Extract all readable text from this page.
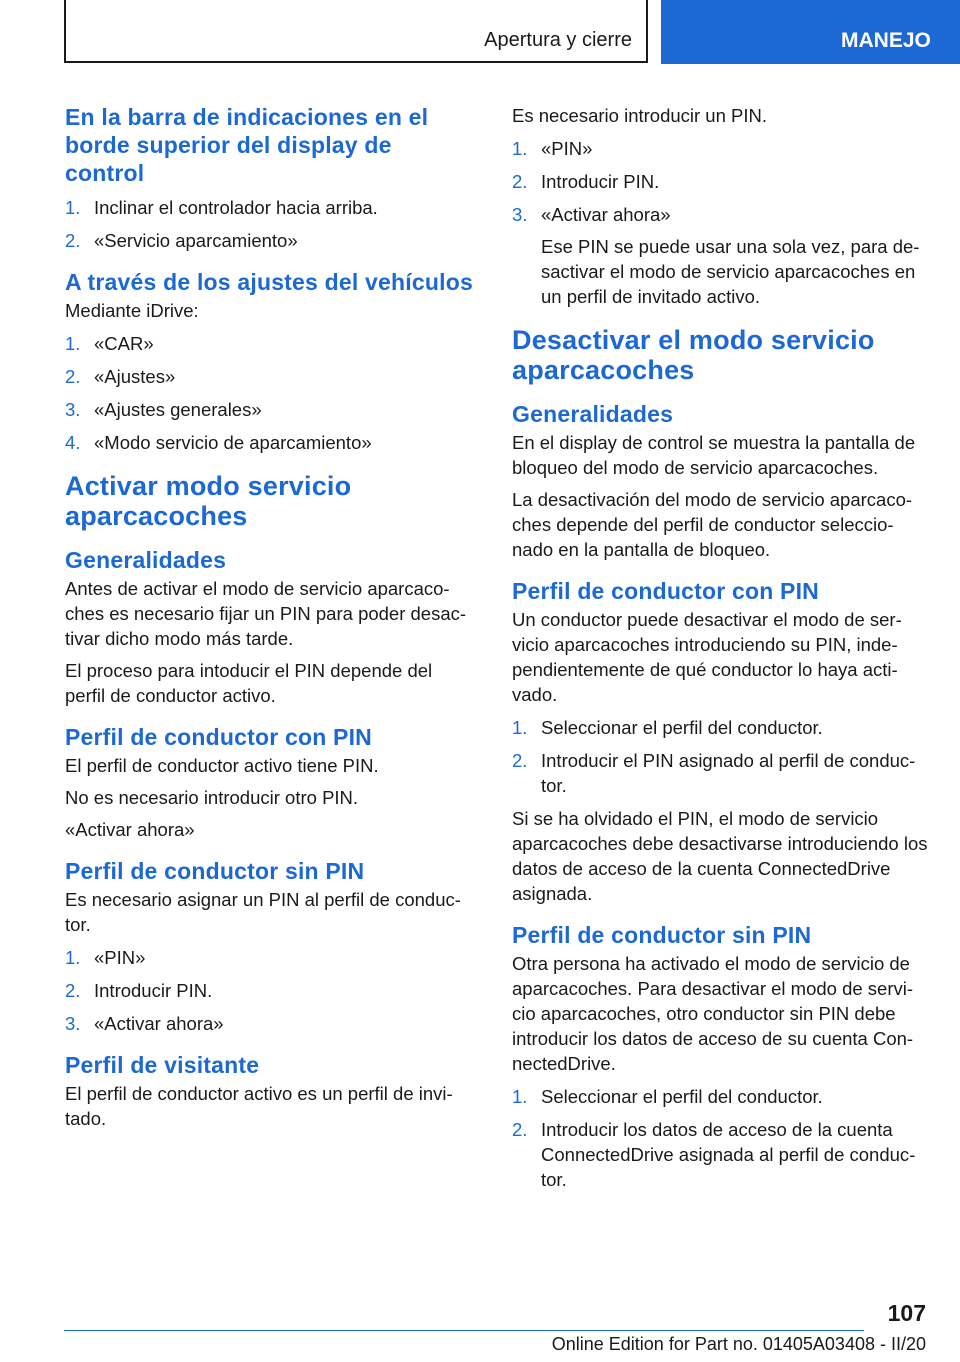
Apertura y cierre	MANEJO
En la barra de indicaciones en el borde superior del display de control
1. Inclinar el controlador hacia arriba.
2. «Servicio aparcamiento»
A través de los ajustes del vehículos

Mediante iDrive:

1. «CAR»
2. «Ajustes»
3. «Ajustes generales»
4. «Modo servicio de aparcamiento»
Activar modo servicio aparcacoches
Generalidades

Antes de activar el modo de servicio aparcacoches es necesario fijar un PIN para poder desactivar dicho modo más tarde.

El proceso para intoducir el PIN depende del perfil de conductor activo.

Perfil de conductor con PIN

El perfil de conductor activo tiene PIN.

No es necesario introducir otro PIN.

«Activar ahora»

Perfil de conductor sin PIN

Es necesario asignar un PIN al perfil de conductor.

1. «PIN»
2. Introducir PIN.
3. «Activar ahora»
Perfil de visitante

El perfil de conductor activo es un perfil de invitado.

Es necesario introducir un PIN.

1. «PIN»
2. Introducir PIN.
3. «Activar ahora»
Ese PIN se puede usar una sola vez, para desactivar el modo de servicio aparcacoches en un perfil de invitado activo.
Desactivar el modo servicio aparcacoches
Generalidades

En el display de control se muestra la pantalla de bloqueo del modo de servicio aparcacoches.

La desactivación del modo de servicio aparcacoches depende del perfil de conductor seleccionado en la pantalla de bloqueo.

Perfil de conductor con PIN

Un conductor puede desactivar el modo de servicio aparcacoches introduciendo su PIN, independientemente de qué conductor lo haya activado.

1. Seleccionar el perfil del conductor.
2. Introducir el PIN asignado al perfil de conductor.

Si se ha olvidado el PIN, el modo de servicio aparcacoches debe desactivarse introduciendo los datos de acceso de la cuenta ConnectedDrive asignada.

Perfil de conductor sin PIN

Otra persona ha activado el modo de servicio de aparcacoches. Para desactivar el modo de servicio aparcacoches, otro conductor sin PIN debe introducir los datos de acceso de su cuenta ConnectedDrive.

1. Seleccionar el perfil del conductor.
2. Introducir los datos de acceso de la cuenta ConnectedDrive asignada al perfil de conductor.
107
Online Edition for Part no. 01405A03408 - II/20
